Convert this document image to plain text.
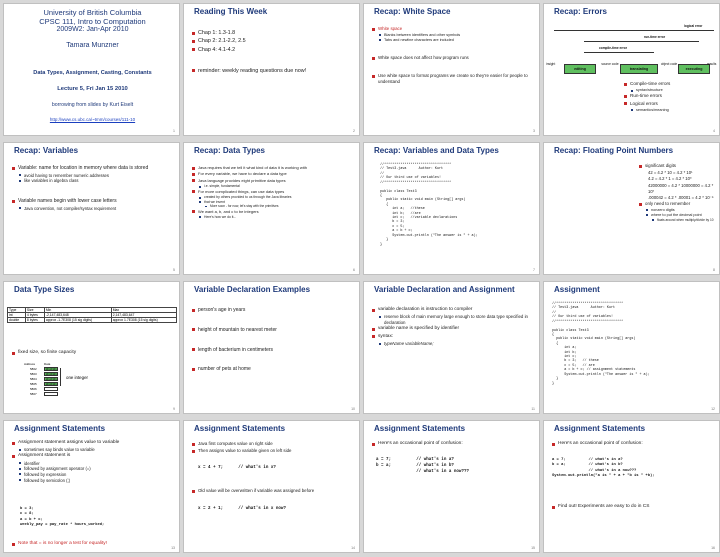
University of British Columbia
CPSC 111, Intro to Computation
2009W2: Jan-Apr 2010
Tamara Munzner
Data Types, Assignment, Casting, Constants
Lecture 5, Fri Jan 15 2010
borrowing from slides by Kurt Eiselt
http://www.cs.ubc.ca/~tmm/courses/111-10
1
Reading This Week
Chap 1: 1.3-1.8
Chap 2: 2.1-2.2, 2.5
Chap 4: 4.1-4.2
reminder: weekly reading questions due now!
2
Recap: White Space
White space
Blanks between identifiers and other symbols
Tabs and newline characters are included
White space does not affect how program runs
Use white space to format programs we create so they're easier for people to understand
3
Recap: Errors
logical error
run-time error
compile-time error
insight
editing
source code
translating
object code
executing
results
Compile-time errors
syntax/structure
Run-time errors
Logical errors
semantics/meaning
4
Recap: Variables
Variable: name for location in memory where data is stored
avoid having to remember numeric addresses
like variables in algebra class
Variable names begin with lower case letters
Java convention, not compiler/syntax requirement
5
Recap: Data Types
Java requires that we tell it what kind of data it is working with
For every variable, we have to declare a data type
Java language provides eight primitive data types
i.e. simple, fundamental
For more complicated things, can use data types
created by others provided to us through the Java libraries
that we invent
More soon - for now, let's stay with the primitives
We want a, b, and c to be integers
Here's how we do it...
6
Recap: Variables and Data Types
//*********************************
// Test3.java      Author: Kurt
//
// Our third use of variables!
//*********************************

public class Test3
{
public static void main (String[] args)
{
int a;   //these
int b;   //are
int c;   //variable declarations
b = 3;
c = 5;
a = b + c;
System.out.println ("The answer is " + a);
}
}
7
Recap: Floating Point Numbers
significant digits
42 = 4.2 * 10 = 4.2 * 10¹
4.2 = 4.2 * 1 = 4.2 * 10⁰
42000000 = 4.2 * 10000000 = 4.2 * 10⁷
.000042 = 4.2 * .00001 = 4.2 * 10⁻⁵
only need to remember
nonzero digits
where to put the decimal point
floats around when multiply/divide by 10
8
Data Type Sizes
Type	Size	Min	Max
int	4 bytes	-2,147,483,648	2,147,483,647
double	8 bytes	approx -1.7E308 (15 sig digits)	approx 1.7E308 (15 sig digits)
fixed size, so finite capacity
Address	Data
5802
5803
5804
5805
5806
5807
10110101
10110101
10110101
10110101
one integer
9
Variable Declaration Examples
person's age in years
height of mountain to nearest meter
length of bacterium in centimeters
number of pets at home
10
Variable Declaration and Assignment
variable declaration is instruction to compiler
reserve block of main memory large enough to store data type specified in declaration
variable name is specified by identifier
syntax:
typeName variableName;
11
Assignment
//*********************************
// Test3.java      Author: Kurt
//
// Our third use of variables!
//*********************************

public class Test3
{
public static void main (String[] args)
{
int a;
int b;
int c;
b = 3;   // these
c = 5;   // are
a = b + c; // assignment statements
System.out.println ("The answer is " + a);
}
}
12
Assignment Statements
Assignment statement assigns value to variable
sometimes say binds value to variable
Assignment statement is
identifier
followed by assignment operator (=)
followed by expression
followed by semicolon (;)
b = 3;
c = 8;
a = b + c;
weekly_pay = pay_rate * hours_worked;
Note that = is no longer a test for equality!
13
Assignment Statements
Java first computes value on right side
Then assigns value to variable given on left side
x = 4 + 7;      // what's in x?
Old value will be overwritten if variable was assigned before
x = 2 + 1;      // what's in x now?
14
Assignment Statements
Here's an occasional point of confusion:
a = 7;          // what's in a?
b = a;          // what's in b?
// what's in a now???
15
Assignment Statements
Here's an occasional point of confusion:
a = 7;          // what's in a?
b = a;          // what's in b?
// what's in a now???
System.out.println("a is " + a + "b is " +b);
Find out! Experiments are easy to do in CS
16
